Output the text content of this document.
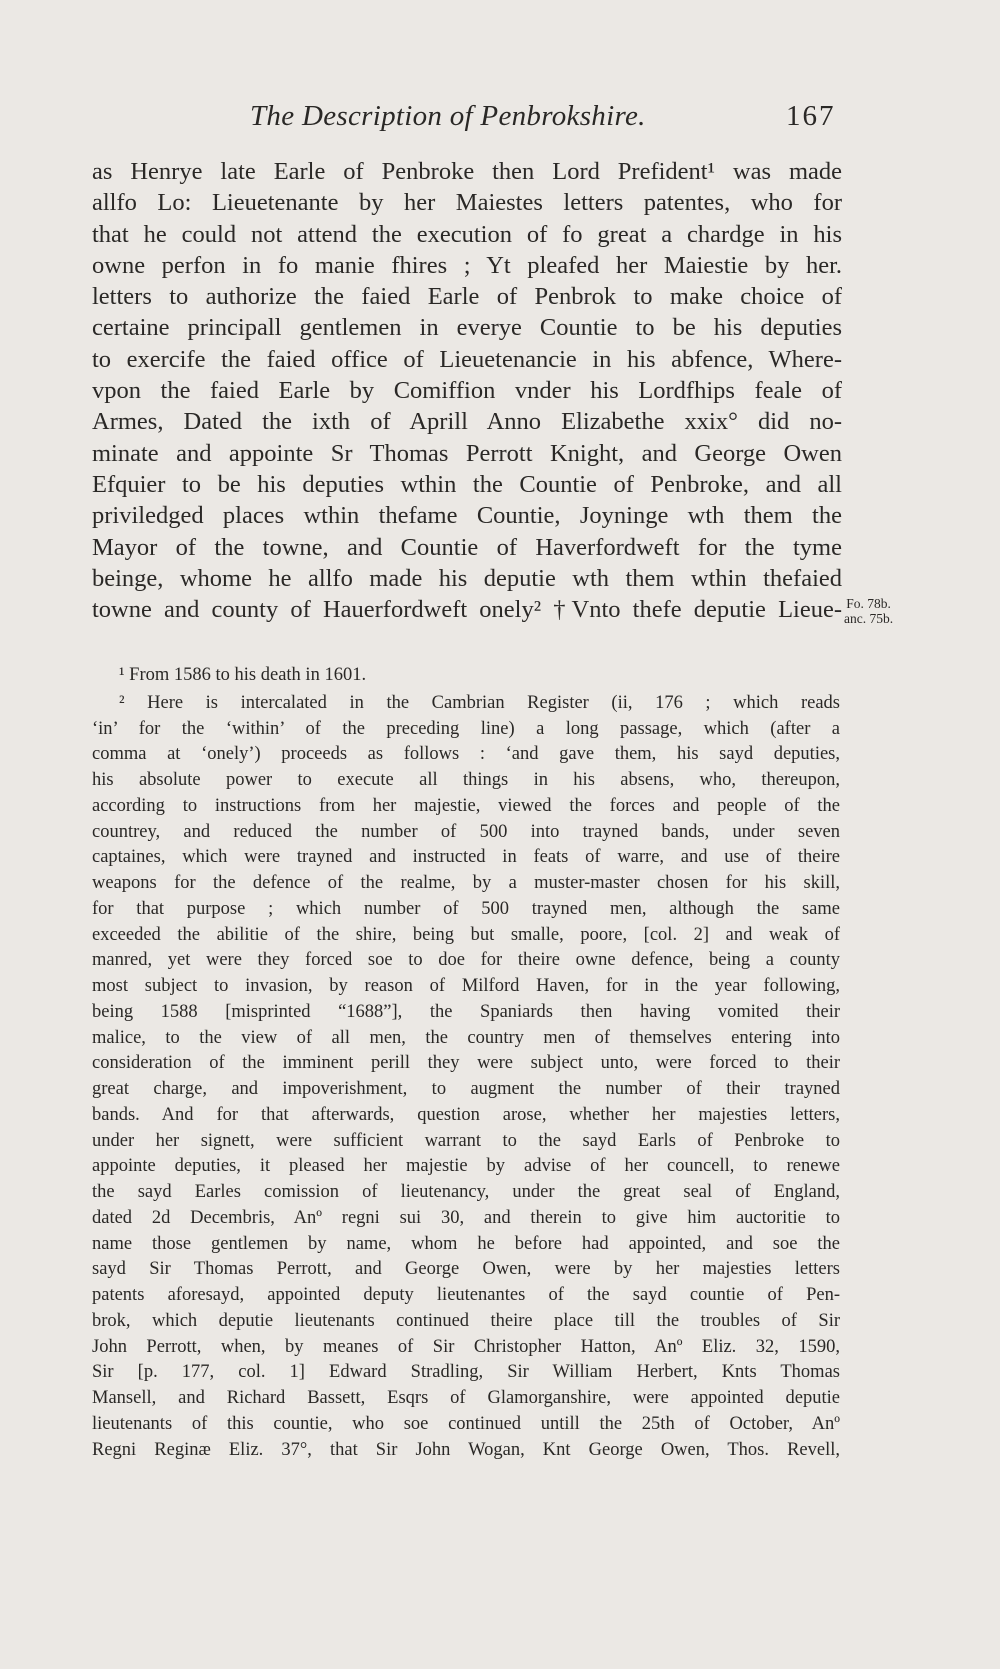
The Description of Penbrokshire.	167
as Henrye late Earle of Penbroke then Lord Prefident¹ was made
allfo Lo: Lieuetenante by her Maiestes letters patentes, who for
that he could not attend the execution of fo great a chardge in his
owne perfon in fo manie fhires ; Yt pleafed her Maiestie by her.
letters to authorize the faied Earle of Penbrok to make choice of
certaine principall gentlemen in everye Countie to be his deputies
to exercife the faied office of Lieuetenancie in his abfence, Where-
vpon the faied Earle by Comiffion vnder his Lordfhips feale of
Armes, Dated the ixth of Aprill Anno Elizabethe xxix° did no-
minate and appointe Sr Thomas Perrott Knight, and George Owen
Efquier to be his deputies wthin the Countie of Penbroke, and all
priviledged places wthin thefame Countie, Joyninge wth them the
Mayor of the towne, and Countie of Haverfordweft for the tyme
beinge, whome he allfo made his deputie wth them wthin thefaied
towne and county of Hauerfordweft onely² †Vnto thefe deputie Lieue- Fo. 78b.
anc. 75b.
¹ From 1586 to his death in 1601.
² Here is intercalated in the Cambrian Register (ii, 176 ; which reads
‘in’ for the ‘within’ of the preceding line) a long passage, which (after a
comma at ‘onely’) proceeds as follows : ‘and gave them, his sayd deputies,
his absolute power to execute all things in his absens, who, thereupon,
according to instructions from her majestie, viewed the forces and people of the
countrey, and reduced the number of 500 into trayned bands, under seven
captaines, which were trayned and instructed in feats of warre, and use of theire
weapons for the defence of the realme, by a muster-master chosen for his skill,
for that purpose ; which number of 500 trayned men, although the same
exceeded the abilitie of the shire, being but smalle, poore, [col. 2] and weak of
manred, yet were they forced soe to doe for theire owne defence, being a county
most subject to invasion, by reason of Milford Haven, for in the year following,
being 1588 [misprinted “1688”], the Spaniards then having vomited their
malice, to the view of all men, the country men of themselves entering into
consideration of the imminent perill they were subject unto, were forced to their
great charge, and impoverishment, to augment the number of their trayned
bands. And for that afterwards, question arose, whether her majesties letters,
under her signett, were sufficient warrant to the sayd Earls of Penbroke to
appointe deputies, it pleased her majestie by advise of her councell, to renewe
the sayd Earles comission of lieutenancy, under the great seal of England,
dated 2d Decembris, Anº regni sui 30, and therein to give him auctoritie to
name those gentlemen by name, whom he before had appointed, and soe the
sayd Sir Thomas Perrott, and George Owen, were by her majesties letters
patents aforesayd, appointed deputy lieutenantes of the sayd countie of Pen-
brok, which deputie lieutenants continued theire place till the troubles of Sir
John Perrott, when, by meanes of Sir Christopher Hatton, Anº Eliz. 32, 1590,
Sir [p. 177, col. 1] Edward Stradling, Sir William Herbert, Knts Thomas
Mansell, and Richard Bassett, Esqrs of Glamorganshire, were appointed deputie
lieutenants of this countie, who soe continued untill the 25th of October, Anº
Regni Reginæ Eliz. 37°, that Sir John Wogan, Knt George Owen, Thos. Revell,
